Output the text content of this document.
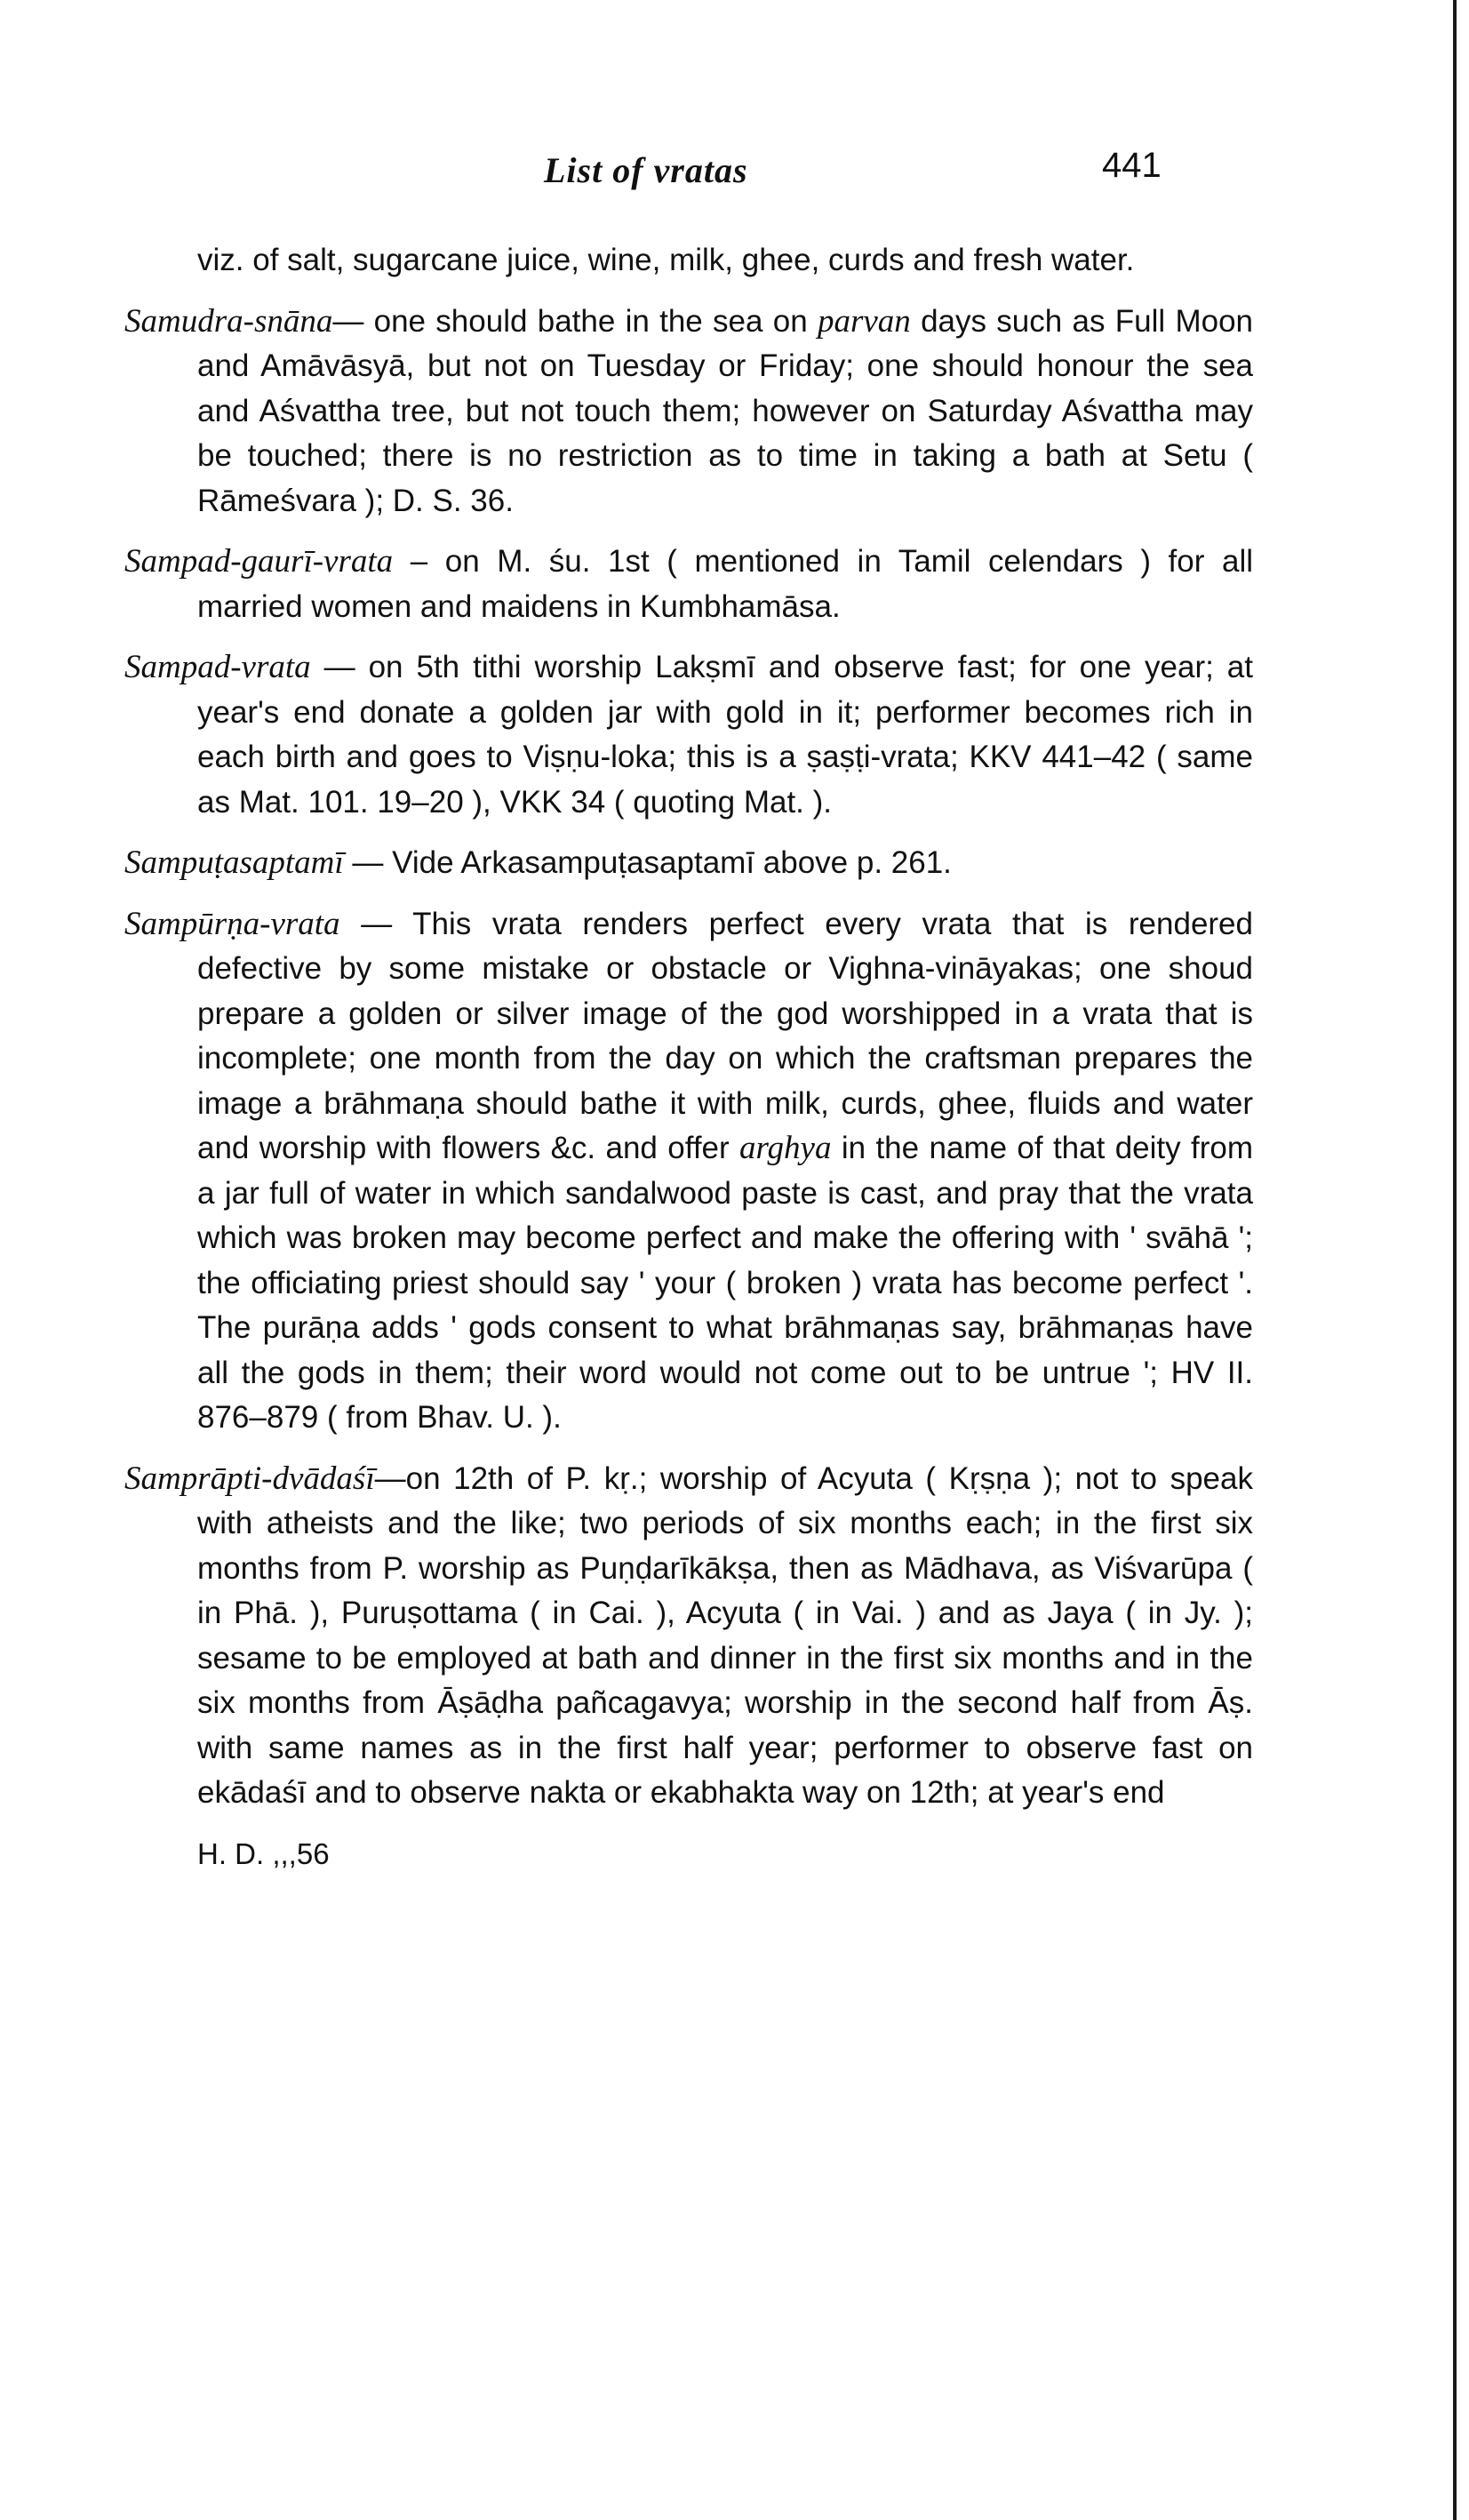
List of vratas	441

viz. of salt, sugarcane juice, wine, milk, ghee, curds and fresh water.

Samudra-snāna— one should bathe in the sea on parvan days such as Full Moon and Amāvāsyā, but not on Tuesday or Friday; one should honour the sea and Aśvattha tree, but not touch them; however on Saturday Aśvattha may be touched; there is no restriction as to time in taking a bath at Setu ( Rāmeśvara ); D. S. 36.

Sampad-gaurī-vrata – on M. śu. 1st ( mentioned in Tamil celendars ) for all married women and maidens in Kumbhamāsa.

Sampad-vrata — on 5th tithi worship Lakṣmī and observe fast; for one year; at year's end donate a golden jar with gold in it; performer becomes rich in each birth and goes to Viṣṇu-loka; this is a ṣaṣṭi-vrata; KKV 441–42 ( same as Mat. 101. 19–20 ), VKK 34 ( quoting Mat. ).

Sampuṭasaptamī — Vide Arkasampuṭasaptamī above p. 261.

Sampūrṇa-vrata — This vrata renders perfect every vrata that is rendered defective by some mistake or obstacle or Vighna-vināyakas; one shoud prepare a golden or silver image of the god worshipped in a vrata that is incomplete; one month from the day on which the craftsman prepares the image a brāhmaṇa should bathe it with milk, curds, ghee, fluids and water and worship with flowers &c. and offer arghya in the name of that deity from a jar full of water in which sandalwood paste is cast, and pray that the vrata which was broken may become perfect and make the offering with ' svāhā '; the officiating priest should say ' your ( broken ) vrata has become perfect '. The purāṇa adds ' gods consent to what brāhmaṇas say, brāhmaṇas have all the gods in them; their word would not come out to be untrue '; HV II. 876–879 ( from Bhav. U. ).

Samprāpti-dvādaśī—on 12th of P. kṛ.; worship of Acyuta ( Kṛṣṇa ); not to speak with atheists and the like; two periods of six months each; in the first six months from P. worship as Puṇḍarīkākṣa, then as Mādhava, as Viśvarūpa ( in Phā. ), Puruṣottama ( in Cai. ), Acyuta ( in Vai. ) and as Jaya ( in Jy. ); sesame to be employed at bath and dinner in the first six months and in the six months from Āṣāḍha pañcagavya; worship in the second half from Āṣ. with same names as in the first half year; performer to observe fast on ekādaśī and to observe nakta or ekabhakta way on 12th; at year's end

H. D. ,,,56
